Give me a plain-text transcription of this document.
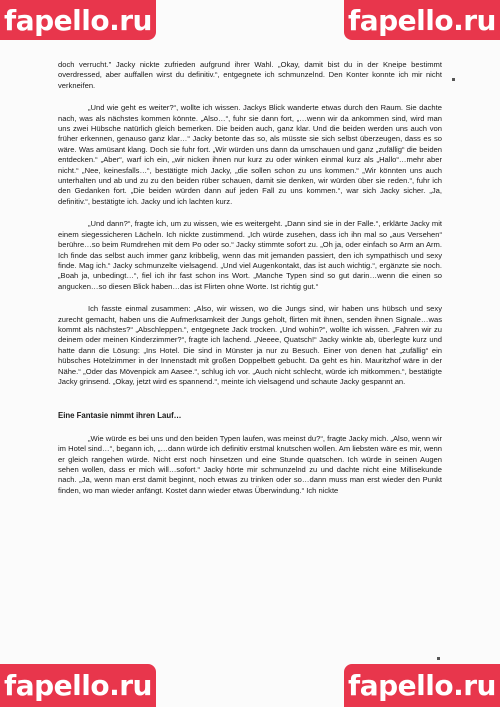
doch verrucht." Jacky nickte zufrieden aufgrund ihrer Wahl. „Okay, damit bist du in der Kneipe bestimmt overdressed, aber auffallen wirst du definitiv.“, entgegnete ich schmunzelnd. Den Konter konnte ich mir nicht verkneifen.

„Und wie geht es weiter?“, wollte ich wissen. Jackys Blick wanderte etwas durch den Raum. Sie dachte nach, was als nächstes kommen könnte. „Also…“, fuhr sie dann fort, „…wenn wir da ankommen sind, wird man uns zwei Hübsche natürlich gleich bemerken. Die beiden auch, ganz klar. Und die beiden werden uns auch von früher erkennen, genauso ganz klar…“ Jacky betonte das so, als müsste sie sich selbst überzeugen, dass es so wäre. Was amüsant klang. Doch sie fuhr fort. „Wir würden uns dann da umschauen und ganz „zufällig“ die beiden entdecken.“ „Aber“, warf ich ein, „wir nicken ihnen nur kurz zu oder winken einmal kurz als „Hallo“…mehr aber nicht.“ „Nee, keinesfalls…“, bestätigte mich Jacky, „die sollen schon zu uns kommen.“ „Wir könnten uns auch unterhalten und ab und zu zu den beiden rüber schauen, damit sie denken, wir würden über sie reden.“, fuhr ich den Gedanken fort. „Die beiden würden dann auf jeden Fall zu uns kommen.“, war sich Jacky sicher. „Ja, definitiv.“, bestätigte ich. Jacky und ich lachten kurz.

„Und dann?“, fragte ich, um zu wissen, wie es weitergeht. „Dann sind sie in der Falle.“, erklärte Jacky mit einem siegessicheren Lächeln. Ich nickte zustimmend. „Ich würde zusehen, dass ich ihn mal so „aus Versehen“ berühre…so beim Rumdrehen mit dem Po oder so.“ Jacky stimmte sofort zu. „Oh ja, oder einfach so Arm an Arm. Ich finde das selbst auch immer ganz kribbelig, wenn das mit jemanden passiert, den ich sympathisch und sexy finde. Mag ich.“ Jacky schmunzelte vielsagend. „Und viel Augenkontakt, das ist auch wichtig.“, ergänzte sie noch. „Boah ja, unbedingt…“, fiel ich ihr fast schon ins Wort. „Manche Typen sind so gut darin…wenn die einen so angucken…so diesen Blick haben…das ist Flirten ohne Worte. Ist richtig gut.“

Ich fasste einmal zusammen: „Also, wir wissen, wo die Jungs sind, wir haben uns hübsch und sexy zurecht gemacht, haben uns die Aufmerksamkeit der Jungs geholt, flirten mit ihnen, senden ihnen Signale…was kommt als nächstes?“ „Abschleppen.“, entgegnete Jack trocken. „Und wohin?“, wollte ich wissen. „Fahren wir zu deinem oder meinen Kinderzimmer?“, fragte ich lachend. „Neeee, Quatsch!“ Jacky winkte ab, überlegte kurz und hatte dann die Lösung: „Ins Hotel. Die sind in Münster ja nur zu Besuch. Einer von denen hat „zufällig“ ein hübsches Hotelzimmer in der Innenstadt mit großen Doppelbett gebucht. Da geht es hin. Mauritzhof wäre in der Nähe.“ „Oder das Mövenpick am Aasee.“, schlug ich vor. „Auch nicht schlecht, würde ich mitkommen.“, bestätigte Jacky grinsend. „Okay, jetzt wird es spannend.“, meinte ich vielsagend und schaute Jacky gespannt an.

Eine Fantasie nimmt ihren Lauf…

„Wie würde es bei uns und den beiden Typen laufen, was meinst du?“, fragte Jacky mich. „Also, wenn wir im Hotel sind…“, begann ich, „…dann würde ich definitiv erstmal knutschen wollen. Am liebsten wäre es mir, wenn er gleich rangehen würde. Nicht erst noch hinsetzen und eine Stunde quatschen. Ich würde in seinen Augen sehen wollen, dass er mich will…sofort.“ Jacky hörte mir schmunzelnd zu und dachte nicht eine Millisekunde nach. „Ja, wenn man erst damit beginnt, noch etwas zu trinken oder so…dann muss man erst wieder den Punkt finden, wo man wieder anfängt. Kostet dann wieder etwas Überwindung.“ Ich nickte

fapello.ru	fapello.ru
fapello.ru	fapello.ru
